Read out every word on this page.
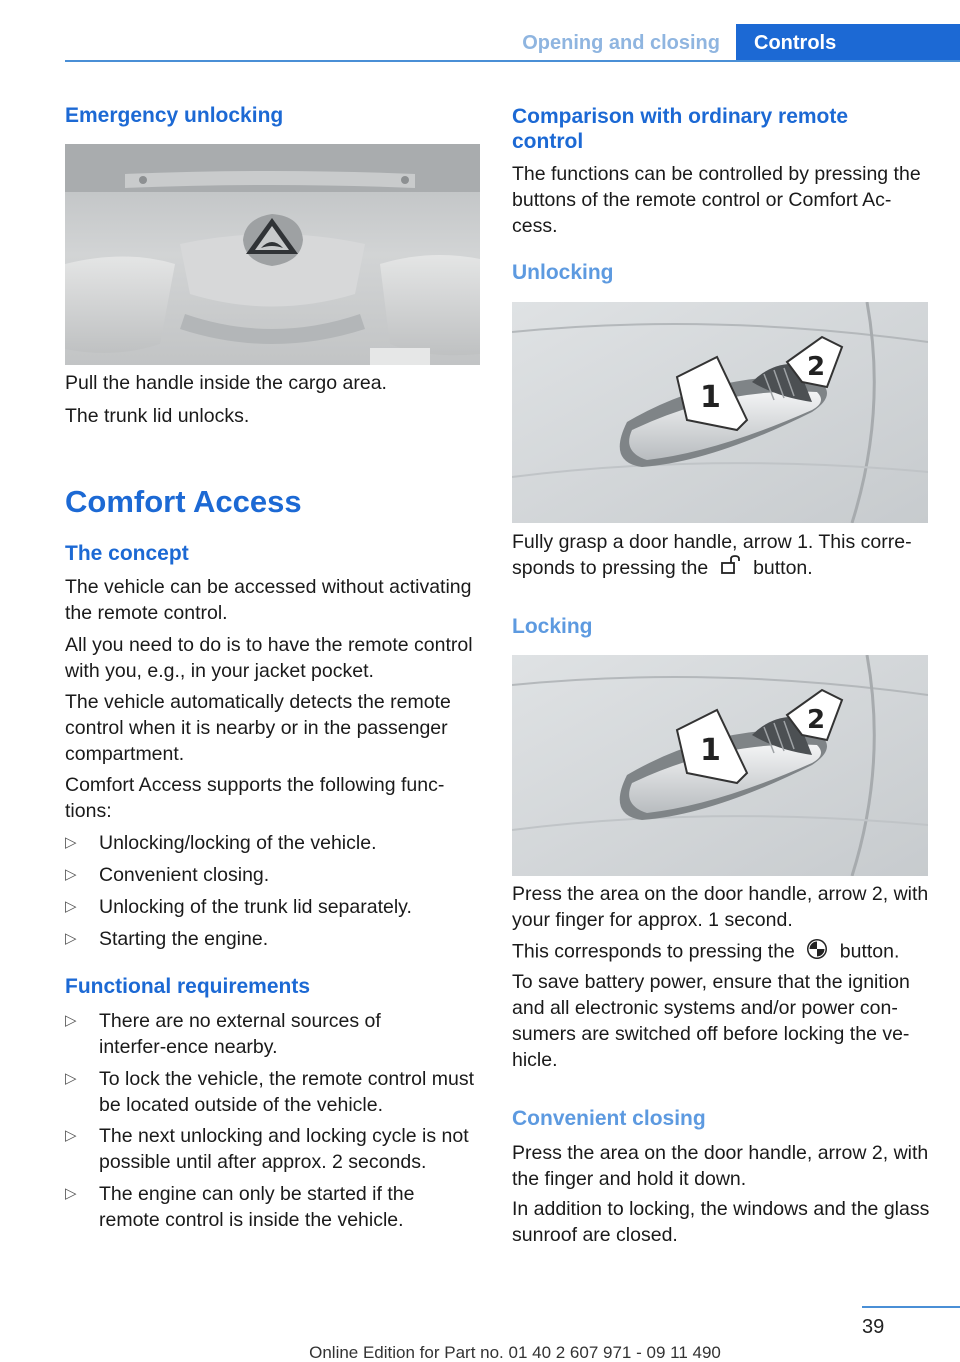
Opening and closing	Controls
Emergency unlocking

Pull the handle inside the cargo area.

The trunk lid unlocks.

Comfort Access
The concept

The vehicle can be accessed without activating the remote control.

All you need to do is to have the remote control with you, e.g., in your jacket pocket.

The vehicle automatically detects the remote control when it is nearby or in the passenger compartment.

Comfort Access supports the following func-tions:

▷	Unlocking/locking of the vehicle.
▷	Convenient closing.
▷	Unlocking of the trunk lid separately.
▷	Starting the engine.
Functional requirements
▷	There are no external sources of interfer-ence nearby.
▷	To lock the vehicle, the remote control must be located outside of the vehicle.
▷	The next unlocking and locking cycle is not possible until after approx. 2 seconds.
▷	The engine can only be started if the remote control is inside the vehicle.
Comparison with ordinary remote control

The functions can be controlled by pressing the buttons of the remote control or Comfort Ac-cess.

Unlocking
1
2

Fully grasp a door handle, arrow 1. This corre-sponds to pressing the button.

Locking
1
2

Press the area on the door handle, arrow 2, with your finger for approx. 1 second.

This corresponds to pressing the button.

To save battery power, ensure that the ignition and all electronic systems and/or power con-sumers are switched off before locking the ve-hicle.

Convenient closing

Press the area on the door handle, arrow 2, with the finger and hold it down.

In addition to locking, the windows and the glass sunroof are closed.

39
Online Edition for Part no. 01 40 2 607 971 - 09 11 490
